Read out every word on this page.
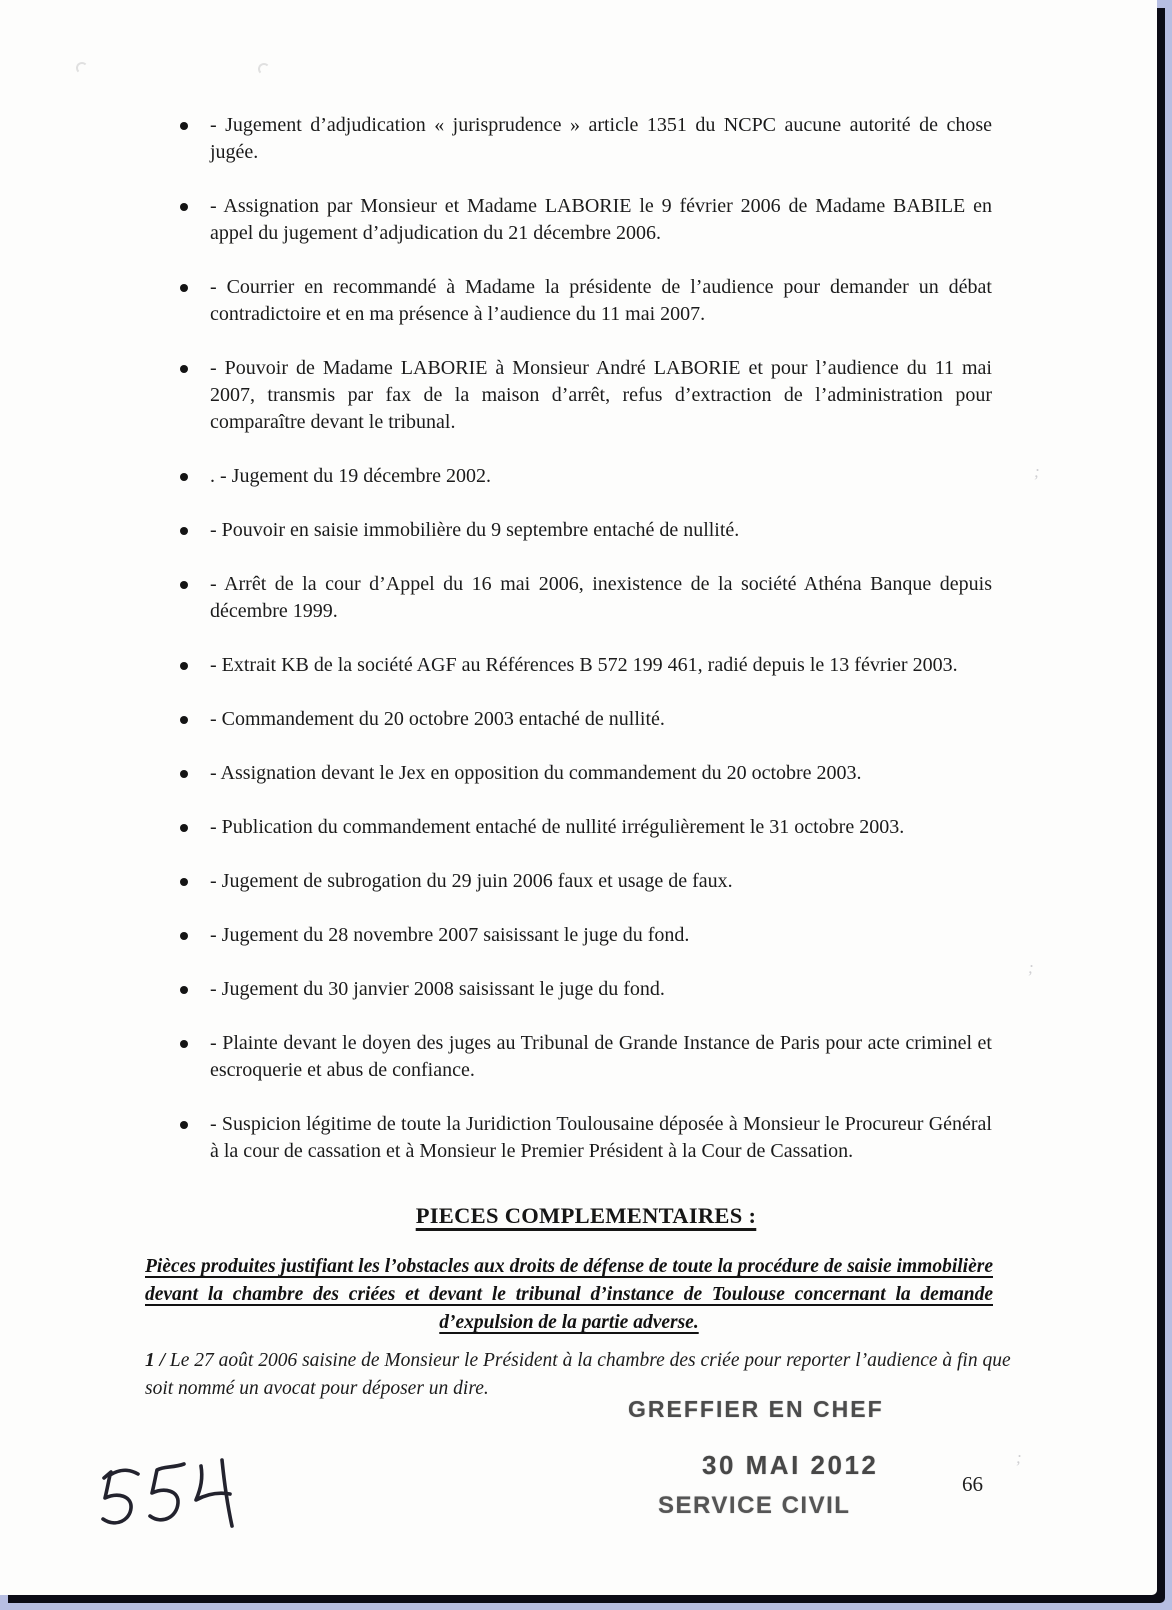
;
;
;
- Jugement d’adjudication « jurisprudence » article 1351 du NCPC aucune autorité de chose jugée.
- Assignation par Monsieur et Madame LABORIE le 9 février 2006 de Madame BABILE en appel du jugement d’adjudication du 21 décembre 2006.
- Courrier en recommandé à Madame la présidente de l’audience pour demander un débat contradictoire et en ma présence à l’audience du 11 mai 2007.
- Pouvoir de Madame LABORIE à Monsieur André LABORIE et pour l’audience du 11 mai 2007, transmis par fax de la maison d’arrêt, refus d’extraction de l’administration pour comparaître devant le tribunal.
. - Jugement du 19 décembre 2002.
- Pouvoir en saisie immobilière du 9 septembre entaché de nullité.
- Arrêt de la cour d’Appel du 16 mai 2006, inexistence de la société Athéna Banque depuis décembre 1999.
- Extrait KB de la société AGF au Références B 572 199 461, radié depuis le 13 février 2003.
- Commandement du 20 octobre 2003 entaché de nullité.
- Assignation devant le Jex en opposition du commandement du 20 octobre 2003.
- Publication du commandement entaché de nullité irrégulièrement le 31 octobre 2003.
- Jugement de subrogation du 29 juin 2006 faux et usage de faux.
- Jugement du 28 novembre 2007 saisissant le juge du fond.
- Jugement du 30 janvier 2008 saisissant le juge du fond.
- Plainte devant le doyen des juges au Tribunal de Grande Instance de Paris pour acte criminel et escroquerie et abus de confiance.
- Suspicion légitime de toute la Juridiction Toulousaine déposée à Monsieur le Procureur Général à la cour de cassation et à Monsieur le Premier Président à la Cour de Cassation.
PIECES COMPLEMENTAIRES :
Pièces produites justifiant les l’obstacles aux droits de défense de toute la procédure de saisie immobilière devant la chambre des criées et devant le tribunal d’instance de Toulouse concernant la demande d’expulsion de la partie adverse.
1 / Le 27 août 2006 saisine de Monsieur le Président à la chambre des criée pour reporter l’audience à fin que soit nommé un avocat pour déposer un dire.
GREFFIER EN CHEF
30 MAI 2012
SERVICE CIVIL
66
